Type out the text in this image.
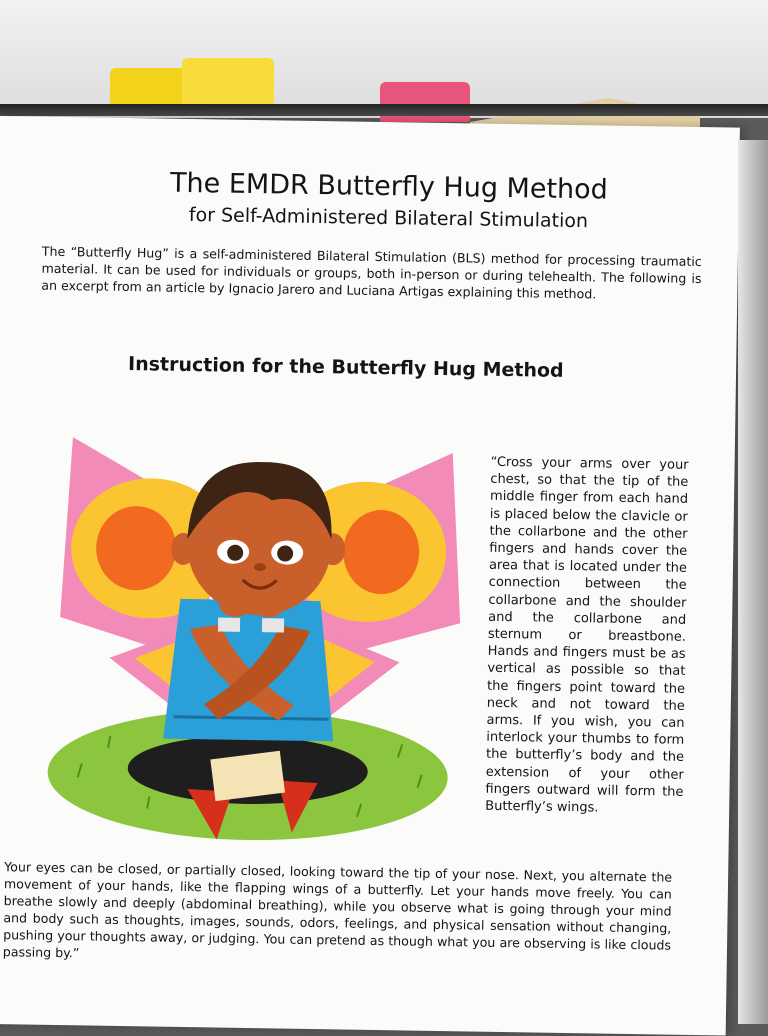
The EMDR Butterfly Hug Method
for Self-Administered Bilateral Stimulation
The “Butterfly Hug” is a self-administered Bilateral Stimulation (BLS) method for processing traumatic material. It can be used for individuals or groups, both in-person or during telehealth. The following is an excerpt from an article by Ignacio Jarero and Luciana Artigas explaining this method.
Instruction for the Butterfly Hug Method
“Cross your arms over your chest, so that the tip of the middle finger from each hand is placed below the clavicle or the collarbone and the other fingers and hands cover the area that is located under the connection between the collarbone and the shoulder and the collarbone and sternum or breastbone. Hands and fingers must be as vertical as possible so that the fingers point toward the neck and not toward the arms. If you wish, you can interlock your thumbs to form the butterfly’s body and the extension of your other fingers outward will form the Butterfly’s wings.
Your eyes can be closed, or partially closed, looking toward the tip of your nose. Next, you alternate the movement of your hands, like the flapping wings of a butterfly. Let your hands move freely. You can breathe slowly and deeply (abdominal breathing), while you observe what is going through your mind and body such as thoughts, images, sounds, odors, feelings, and physical sensation without changing, pushing your thoughts away, or judging. You can pretend as though what you are observing is like clouds passing by.”
